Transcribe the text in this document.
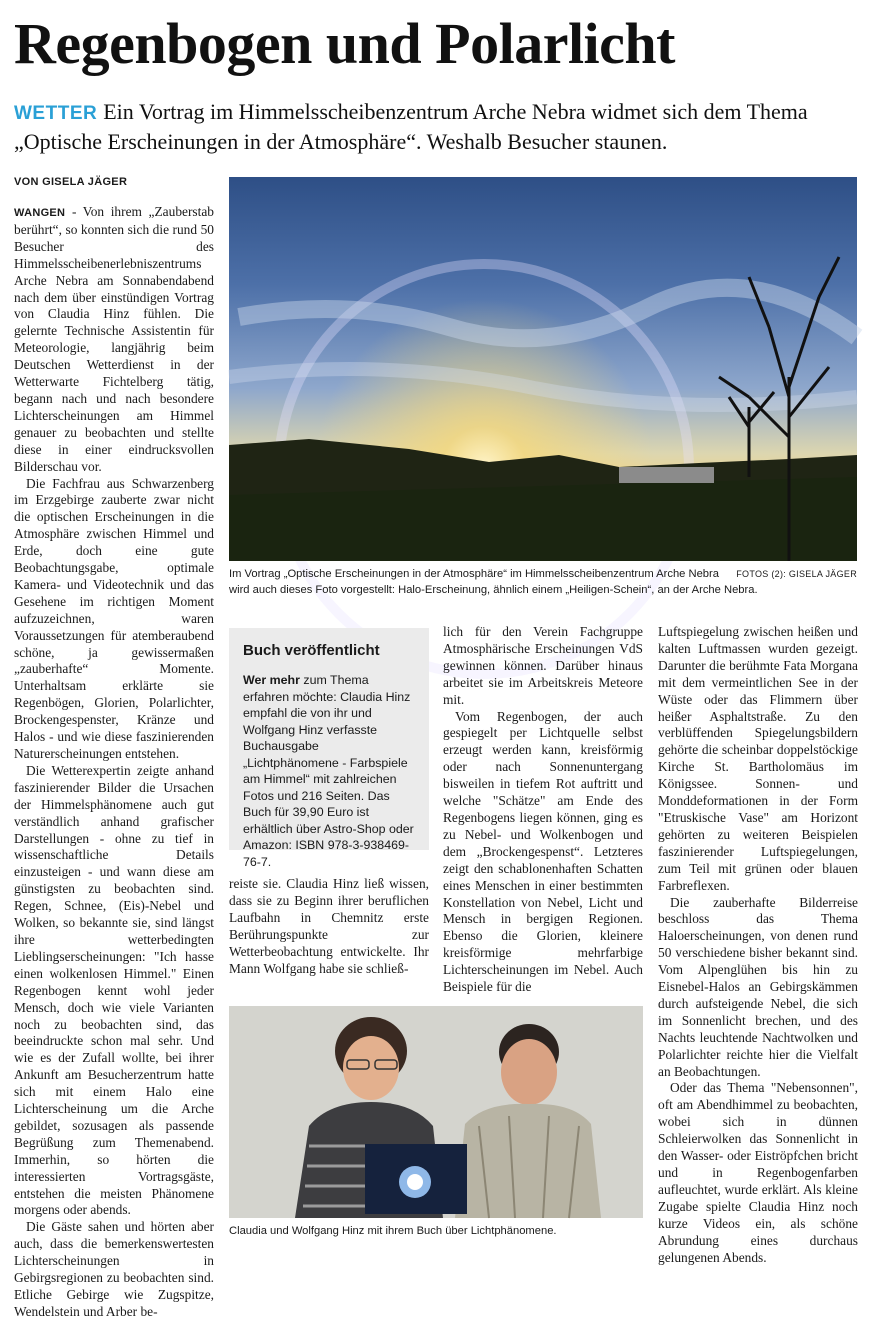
Regenbogen und Polarlicht
WETTER Ein Vortrag im Himmelsscheibenzentrum Arche Nebra widmet sich dem Thema „Optische Erscheinungen in der Atmosphäre“. Weshalb Besucher staunen.
VON GISELA JÄGER

WANGEN - Von ihrem „Zauberstab berührt“, so konnten sich die rund 50 Besucher des Himmelsscheibenerlebniszentrums Arche Nebra am Sonnabendabend nach dem über einstündigen Vortrag von Claudia Hinz fühlen. Die gelernte Technische Assistentin für Meteorologie, langjährig beim Deutschen Wetterdienst in der Wetterwarte Fichtelberg tätig, begann nach und nach besondere Lichterscheinungen am Himmel genauer zu beobachten und stellte diese in einer eindrucksvollen Bilderschau vor.

Die Fachfrau aus Schwarzenberg im Erzgebirge zauberte zwar nicht die optischen Erscheinungen in die Atmosphäre zwischen Himmel und Erde, doch eine gute Beobachtungsgabe, optimale Kamera- und Videotechnik und das Gesehene im richtigen Moment aufzuzeichnen, waren Voraussetzungen für atemberaubend schöne, ja gewissermaßen „zauberhafte“ Momente. Unterhaltsam erklärte sie Regenbögen, Glorien, Polarlichter, Brockengespenster, Kränze und Halos - und wie diese faszinierenden Naturerscheinungen entstehen.

Die Wetterexpertin zeigte anhand faszinierender Bilder die Ursachen der Himmelsphänomene auch gut verständlich anhand grafischer Darstellungen - ohne zu tief in wissenschaftliche Details einzusteigen - und wann diese am günstigsten zu beobachten sind. Regen, Schnee, (Eis)-Nebel und Wolken, so bekannte sie, sind längst ihre wetterbedingten Lieblingserscheinungen: "Ich hasse einen wolkenlosen Himmel." Einen Regenbogen kennt wohl jeder Mensch, doch wie viele Varianten noch zu beobachten sind, das beeindruckte schon mal sehr. Und wie es der Zufall wollte, bei ihrer Ankunft am Besucherzentrum hatte sich mit einem Halo eine Lichterscheinung um die Arche gebildet, sozusagen als passende Begrüßung zum Themenabend. Immerhin, so hörten die interessierten Vortragsgäste, entstehen die meisten Phänomene morgens oder abends.

Die Gäste sahen und hörten aber auch, dass die bemerkenswertesten Lichterscheinungen in Gebirgsregionen zu beobachten sind. Etliche Gebirge wie Zugspitze, Wendelstein und Arber be-

FOTOS (2): GISELA JÄGER
Im Vortrag „Optische Erscheinungen in der Atmosphäre“ im Himmelsscheibenzentrum Arche Nebra wird auch dieses Foto vorgestellt: Halo-Erscheinung, ähnlich einem „Heiligen-Schein“, an der Arche Nebra.
Buch veröffentlicht
Wer mehr zum Thema erfahren möchte: Claudia Hinz empfahl die von ihr und Wolfgang Hinz verfasste Buchausgabe „Lichtphänomene - Farbspiele am Himmel“ mit zahlreichen Fotos und 216 Seiten. Das Buch für 39,90 Euro ist erhältlich über Astro-Shop oder Amazon: ISBN 978-3-938469-76-7.

reiste sie. Claudia Hinz ließ wissen, dass sie zu Beginn ihrer beruflichen Laufbahn in Chemnitz erste Berührungspunkte zur Wetterbeobachtung entwickelte. Ihr Mann Wolfgang habe sie schließ-

lich für den Verein Fachgruppe Atmosphärische Erscheinungen VdS gewinnen können. Darüber hinaus arbeitet sie im Arbeitskreis Meteore mit.

Vom Regenbogen, der auch gespiegelt per Lichtquelle selbst erzeugt werden kann, kreisförmig oder nach Sonnenuntergang bisweilen in tiefem Rot auftritt und welche "Schätze" am Ende des Regenbogens liegen können, ging es zu Nebel- und Wolkenbogen und dem „Brockengespenst“. Letzteres zeigt den schablonenhaften Schatten eines Menschen in einer bestimmten Konstellation von Nebel, Licht und Mensch in bergigen Regionen. Ebenso die Glorien, kleinere kreisförmige mehrfarbige Lichterscheinungen im Nebel. Auch Beispiele für die

Luftspiegelung zwischen heißen und kalten Luftmassen wurden gezeigt. Darunter die berühmte Fata Morgana mit dem vermeintlichen See in der Wüste oder das Flimmern über heißer Asphaltstraße. Zu den verblüffenden Spiegelungsbildern gehörte die scheinbar doppelstöckige Kirche St. Bartholomäus im Königssee. Sonnen- und Monddeformationen in der Form "Etruskische Vase" am Horizont gehörten zu weiteren Beispielen faszinierender Luftspiegelungen, zum Teil mit grünen oder blauen Farbreflexen.

Die zauberhafte Bilderreise beschloss das Thema Haloerscheinungen, von denen rund 50 verschiedene bisher bekannt sind. Vom Alpenglühen bis hin zu Eisnebel-Halos an Gebirgskämmen durch aufsteigende Nebel, die sich im Sonnenlicht brechen, und des Nachts leuchtende Nachtwolken und Polarlichter reichte hier die Vielfalt an Beobachtungen.

Oder das Thema "Nebensonnen", oft am Abendhimmel zu beobachten, wobei sich in dünnen Schleierwolken das Sonnenlicht in den Wasser- oder Eiströpfchen bricht und in Regenbogenfarben aufleuchtet, wurde erklärt. Als kleine Zugabe spielte Claudia Hinz noch kurze Videos ein, als schöne Abrundung eines durchaus gelungenen Abends.

Claudia und Wolfgang Hinz mit ihrem Buch über Lichtphänomene.
